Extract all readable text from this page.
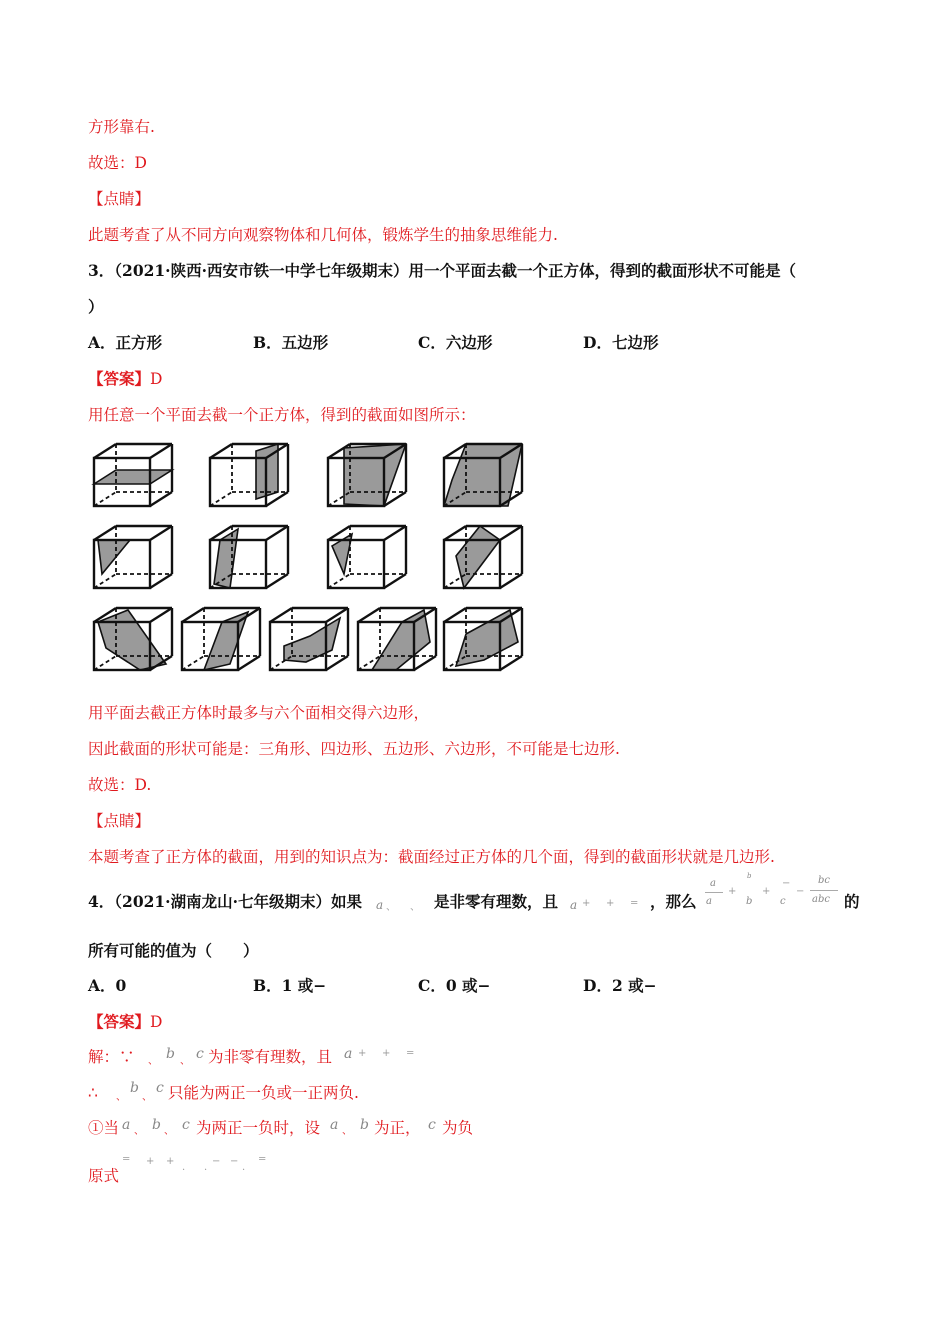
方形靠右.
故选：D
【点睛】
此题考查了从不同方向观察物体和几何体，锻炼学生的抽象思维能力.
3．（2021·陕西·西安市铁一中学七年级期末）用一个平面去截一个正方体，得到的截面形状不可能是（
）
A．正方形	B．五边形	C．六边形	D．七边形
【答案】D
用任意一个平面去截一个正方体，得到的截面如图所示：
用平面去截正方体时最多与六个面相交得六边形，
因此截面的形状可能是：三角形、四边形、五边形、六边形，不可能是七边形.
故选：D.
【点睛】
本题考查了正方体的截面，用到的知识点为：截面经过正方体的几个面，得到的截面形状就是几边形.
4．（2021·湖南龙山·七年级期末）如果 a 、 、 是非零有理数，且 a + + = ，那么
a
a
+
b
b
+
−
c
−
bc
abc 的
所有可能的值为（　　）
A．0	B．1 或−	C．0 或−	D．2 或−
【答案】D
解：∵ 、 b 、 c 为非零有理数，且 a + + =
∴ 、
b
、
c 只能为两正一负或一正两负.
①当 a 、 b 、 c 为两正一负时，设 a 、 b 为正， c 为负
原式
= + +
. .
− −
.
=
